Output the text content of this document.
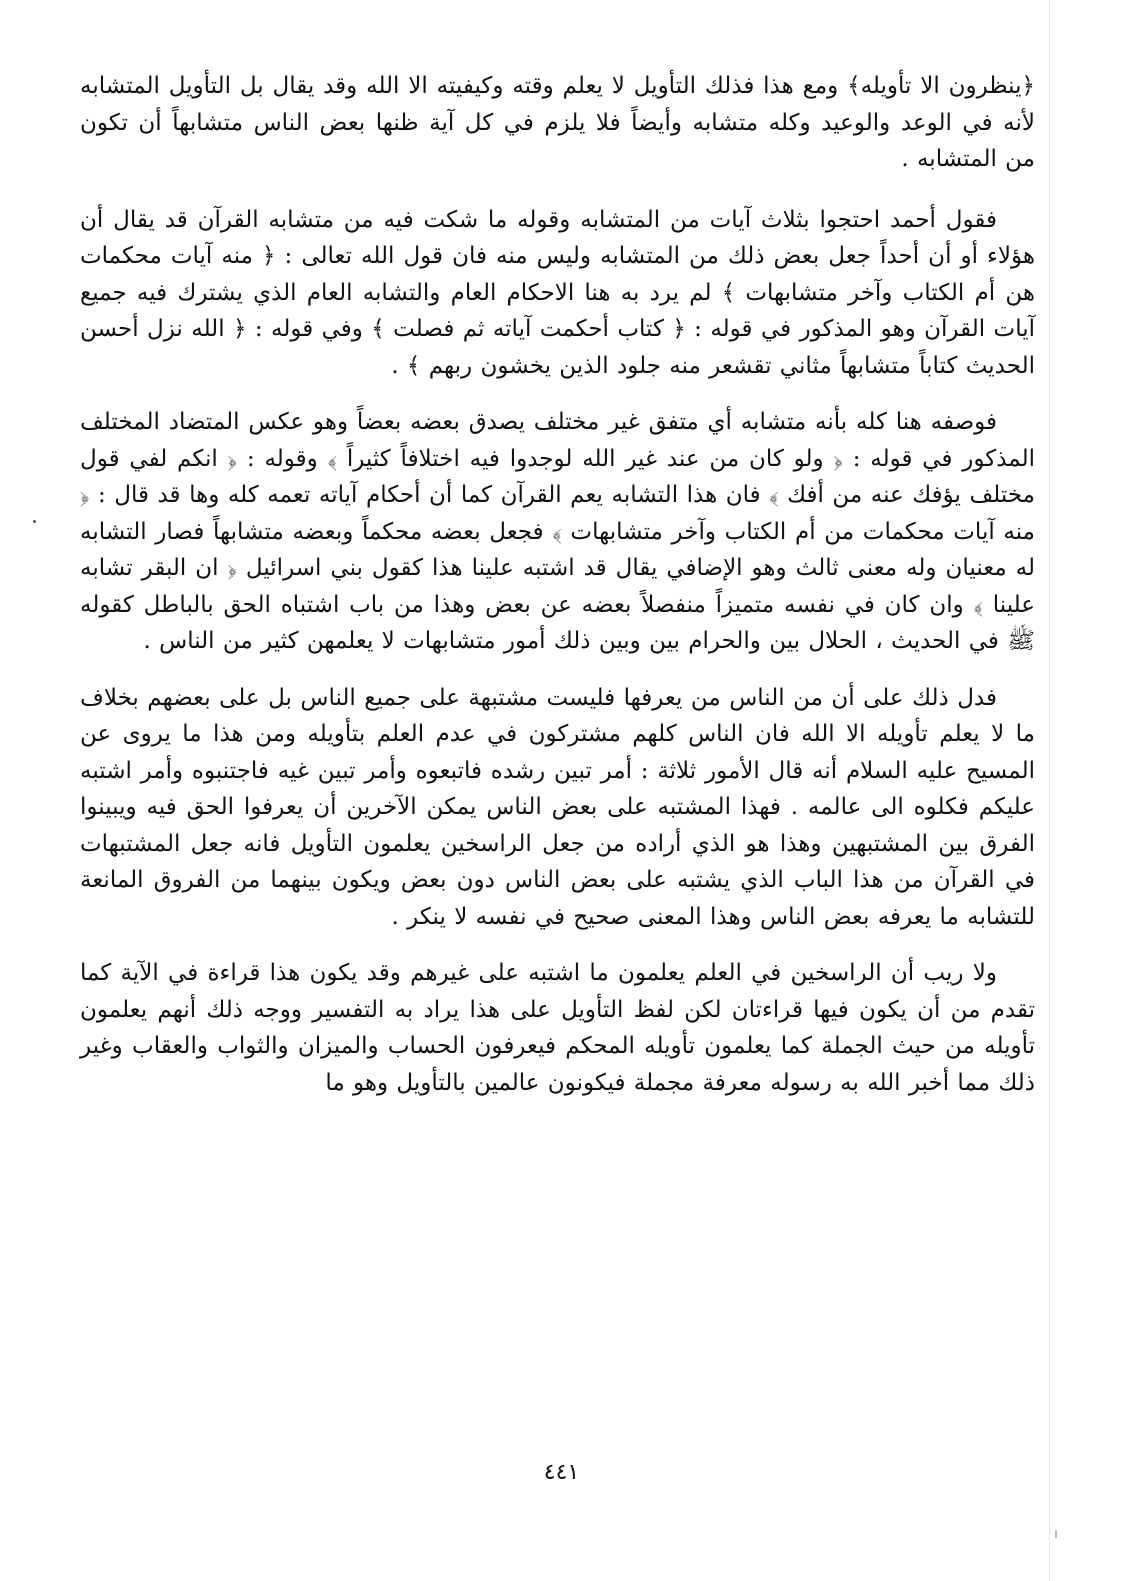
﴿ينظرون الا تأويله﴾ ومع هذا فذلك التأويل لا يعلم وقته وكيفيته الا الله وقد يقال بل التأويل المتشابه لأنه في الوعد والوعيد وكله متشابه وأيضاً فلا يلزم في كل آية ظنها بعض الناس متشابهاً أن تكون من المتشابه .

فقول أحمد احتجوا بثلاث آيات من المتشابه وقوله ما شكت فيه من متشابه القرآن قد يقال أن هؤلاء أو أن أحداً جعل بعض ذلك من المتشابه وليس منه فان قول الله تعالى : ﴿ منه آيات محكمات هن أم الكتاب وآخر متشابهات ﴾ لم يرد به هنا الاحكام العام والتشابه العام الذي يشترك فيه جميع آيات القرآن وهو المذكور في قوله : ﴿ كتاب أحكمت آياته ثم فصلت ﴾ وفي قوله : ﴿ الله نزل أحسن الحديث كتاباً متشابهاً مثاني تقشعر منه جلود الذين يخشون ربهم ﴾ .

فوصفه هنا كله بأنه متشابه أي متفق غير مختلف يصدق بعضه بعضاً وهو عكس المتضاد المختلف المذكور في قوله : ﴿ ولو كان من عند غير الله لوجدوا فيه اختلافاً كثيراً ﴾ وقوله : ﴿ انكم لفي قول مختلف يؤفك عنه من أفك ﴾ فان هذا التشابه يعم القرآن كما أن أحكام آياته تعمه كله وها قد قال : ﴿ منه آيات محكمات من أم الكتاب وآخر متشابهات ﴾ فجعل بعضه محكماً وبعضه متشابهاً فصار التشابه له معنيان وله معنى ثالث وهو الإضافي يقال قد اشتبه علينا هذا كقول بني اسرائيل ﴿ ان البقر تشابه علينا ﴾ وان كان في نفسه متميزاً منفصلاً بعضه عن بعض وهذا من باب اشتباه الحق بالباطل كقوله ﷺ في الحديث ، الحلال بين والحرام بين وبين ذلك أمور متشابهات لا يعلمهن كثير من الناس .

فدل ذلك على أن من الناس من يعرفها فليست مشتبهة على جميع الناس بل على بعضهم بخلاف ما لا يعلم تأويله الا الله فان الناس كلهم مشتركون في عدم العلم بتأويله ومن هذا ما يروى عن المسيح عليه السلام أنه قال الأمور ثلاثة : أمر تبين رشده فاتبعوه وأمر تبين غيه فاجتنبوه وأمر اشتبه عليكم فكلوه الى عالمه . فهذا المشتبه على بعض الناس يمكن الآخرين أن يعرفوا الحق فيه ويبينوا الفرق بين المشتبهين وهذا هو الذي أراده من جعل الراسخين يعلمون التأويل فانه جعل المشتبهات في القرآن من هذا الباب الذي يشتبه على بعض الناس دون بعض ويكون بينهما من الفروق المانعة للتشابه ما يعرفه بعض الناس وهذا المعنى صحيح في نفسه لا ينكر .

ولا ريب أن الراسخين في العلم يعلمون ما اشتبه على غيرهم وقد يكون هذا قراءة في الآية كما تقدم من أن يكون فيها قراءتان لكن لفظ التأويل على هذا يراد به التفسير ووجه ذلك أنهم يعلمون تأويله من حيث الجملة كما يعلمون تأويله المحكم فيعرفون الحساب والميزان والثواب والعقاب وغير ذلك مما أخبر الله به رسوله معرفة مجملة فيكونون عالمين بالتأويل وهو ما

٤٤١
